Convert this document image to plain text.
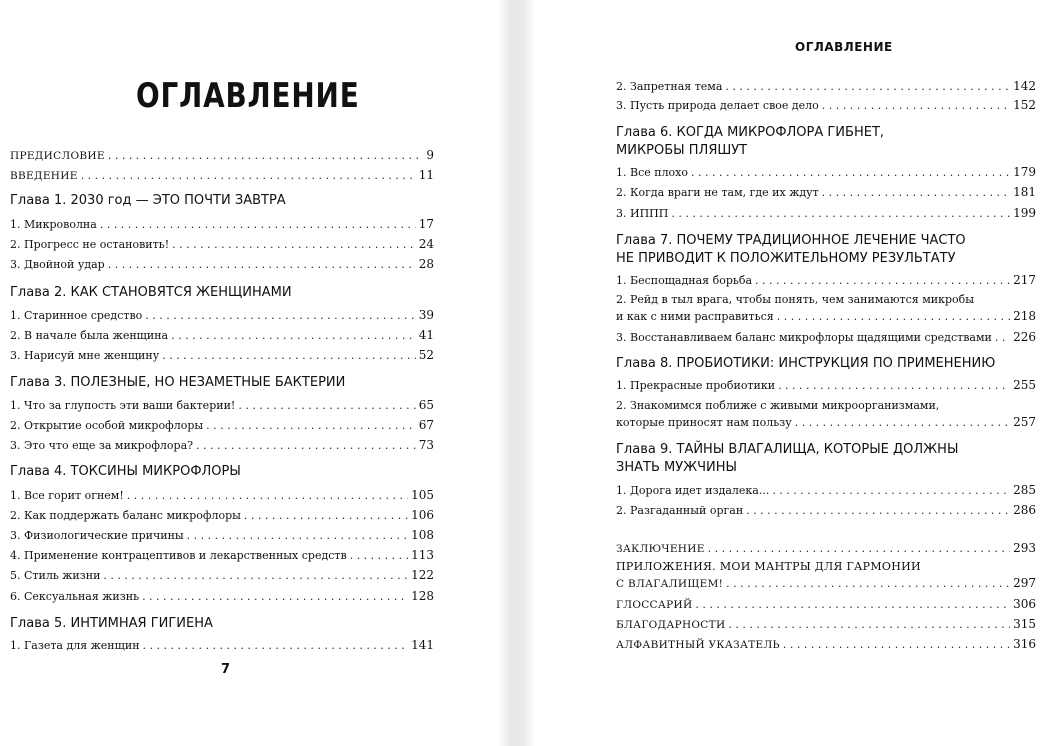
ОГЛАВЛЕНИЕ
ПРЕДИСЛОВИЕ . . .	9
ВВЕДЕНИЕ . . .	11
Глава 1. 2030 год — ЭТО ПОЧТИ ЗАВТРА
1. Микроволна . . .	17
2. Прогресс не остановить! . . .	24
3. Двойной удар . . .	28
Глава 2. КАК СТАНОВЯТСЯ ЖЕНЩИНАМИ
1. Старинное средство . . .	39
2. В начале была женщина . . .	41
3. Нарисуй мне женщину . . .	52
Глава 3. ПОЛЕЗНЫЕ, НО НЕЗАМЕТНЫЕ БАКТЕРИИ
1. Что за глупость эти ваши бактерии! . . .	65
2. Открытие особой микрофлоры . . .	67
3. Это что еще за микрофлора? . . .	73
Глава 4. ТОКСИНЫ МИКРОФЛОРЫ
1. Все горит огнем! . . .	105
2. Как поддержать баланс микрофлоры . . .	106
3. Физиологические причины . . .	108
4. Применение контрацептивов и лекарственных средств . . .	113
5. Стиль жизни . . .	122
6. Сексуальная жизнь . . .	128
Глава 5. ИНТИМНАЯ ГИГИЕНА
1. Газета для женщин . . .	141
7
ОГЛАВЛЕНИЕ
2. Запретная тема . . .	142
3. Пусть природа делает свое дело . . .	152
Глава 6. КОГДА МИКРОФЛОРА ГИБНЕТ,
МИКРОБЫ ПЛЯШУТ
1. Все плохо . . .	179
2. Когда враги не там, где их ждут . . .	181
3. ИППП . . .	199
Глава 7. ПОЧЕМУ ТРАДИЦИОННОЕ ЛЕЧЕНИЕ ЧАСТО
НЕ ПРИВОДИТ К ПОЛОЖИТЕЛЬНОМУ РЕЗУЛЬТАТУ
1. Беспощадная борьба . . .	217
2. Рейд в тыл врага, чтобы понять, чем занимаются микробы
и как с ними расправиться . . .	218
3. Восстанавливаем баланс микрофлоры щадящими средствами . . . 226
Глава 8. ПРОБИОТИКИ: ИНСТРУКЦИЯ ПО ПРИМЕНЕНИЮ
1. Прекрасные пробиотики . . .	255
2. Знакомимся поближе с живыми микроорганизмами,
которые приносят нам пользу . . .	257
Глава 9. ТАЙНЫ ВЛАГАЛИЩА, КОТОРЫЕ ДОЛЖНЫ
ЗНАТЬ МУЖЧИНЫ
1. Дорога идет издалека... . . .	285
2. Разгаданный орган . . .	286
ЗАКЛЮЧЕНИЕ . . .	293
ПРИЛОЖЕНИЯ. МОИ МАНТРЫ ДЛЯ ГАРМОНИИ
С ВЛАГАЛИЩЕМ! . . .	297
ГЛОССАРИЙ . . .	306
БЛАГОДАРНОСТИ . . .	315
АЛФАВИТНЫЙ УКАЗАТЕЛЬ . . .	316
